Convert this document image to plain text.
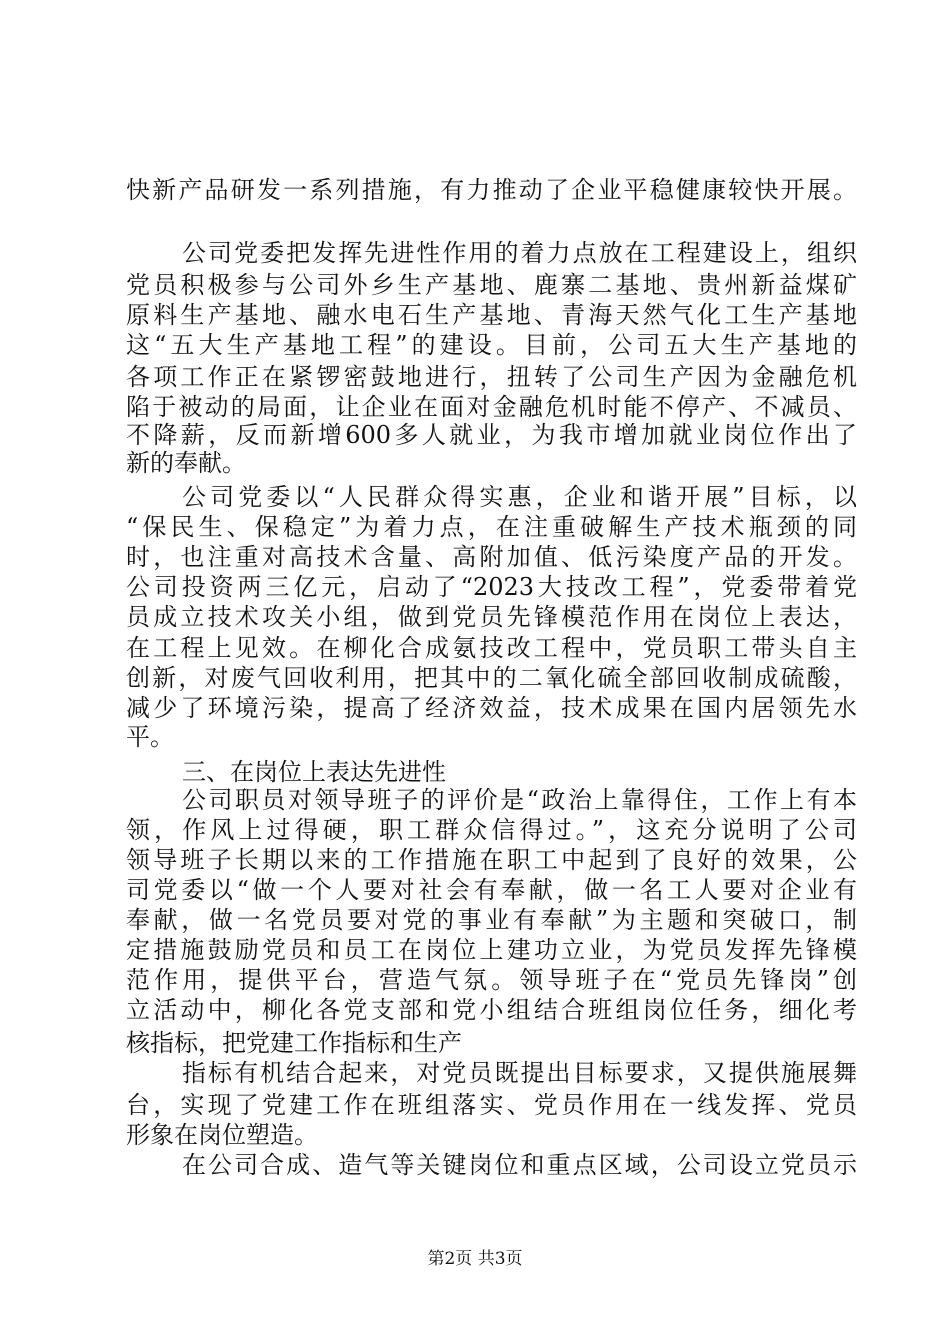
快新产品研发一系列措施，有力推动了企业平稳健康较快开展。
公司党委把发挥先进性作用的着力点放在工程建设上，组织
党员积极参与公司外乡生产基地、鹿寨二基地、贵州新益煤矿
原料生产基地、融水电石生产基地、青海天然气化工生产基地
这“五大生产基地工程”的建设。目前，公司五大生产基地的
各项工作正在紧锣密鼓地进行，扭转了公司生产因为金融危机
陷于被动的局面，让企业在面对金融危机时能不停产、不减员、
不降薪，反而新增600多人就业，为我市增加就业岗位作出了
新的奉献。
公司党委以“人民群众得实惠，企业和谐开展”目标，以
“保民生、保稳定”为着力点，在注重破解生产技术瓶颈的同
时，也注重对高技术含量、高附加值、低污染度产品的开发。
公司投资两三亿元，启动了“2023大技改工程”，党委带着党
员成立技术攻关小组，做到党员先锋模范作用在岗位上表达，
在工程上见效。在柳化合成氨技改工程中，党员职工带头自主
创新，对废气回收利用，把其中的二氧化硫全部回收制成硫酸，
减少了环境污染，提高了经济效益，技术成果在国内居领先水
平。
三、在岗位上表达先进性
公司职员对领导班子的评价是“政治上靠得住，工作上有本
领，作风上过得硬，职工群众信得过。”，这充分说明了公司
领导班子长期以来的工作措施在职工中起到了良好的效果，公
司党委以“做一个人要对社会有奉献，做一名工人要对企业有
奉献，做一名党员要对党的事业有奉献”为主题和突破口，制
定措施鼓励党员和员工在岗位上建功立业，为党员发挥先锋模
范作用，提供平台，营造气氛。领导班子在“党员先锋岗”创
立活动中，柳化各党支部和党小组结合班组岗位任务，细化考
核指标，把党建工作指标和生产
指标有机结合起来，对党员既提出目标要求，又提供施展舞
台，实现了党建工作在班组落实、党员作用在一线发挥、党员
形象在岗位塑造。
在公司合成、造气等关键岗位和重点区域，公司设立党员示
第2页 共3页
